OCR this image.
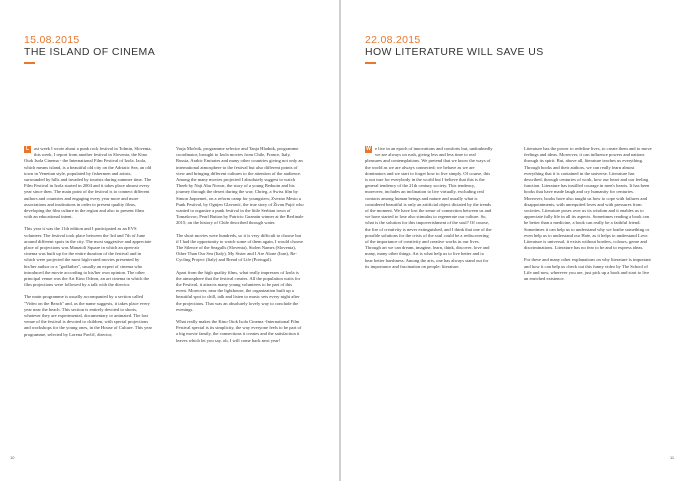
15.08.2015
THE ISLAND OF CINEMA

L	ast week I wrote about a punk rock festival in Tolmin, Slovenia, this week, I report from another festival in Slovenia, the Kino Otok Isola Cinema - the International Film Festival of Izola. Izola, which means island, is a beautiful old city on the Adriatic Sea, an old town in Venetian style, populated by fishermen and artists, surrounded by hills and invaded by tourists during summer time. The Film Festival in Izola started in 2004 and it takes place almost every year since then. The main point of the festival is to connect different authors and countries and engaging every year more and more associations and institutions in order to present quality films, developing the film culture in the region and also to present films with an educational intent.

This year it was the 11th edition and I participated as an EVS volunteer. The festival took place between the 3rd and 7th of June around different spots in the city. The most suggestive and appreciate place of projections was Manzioli Square in which an open-air cinema was built up for the entire duration of the festival and in which were projected the most high-rated movies presented by his/her author or a "godfather", usually an expert of cinema who introduced the movie according to his/her own opinion. The other principal venue was the Art Kino Odeon, an art cinema in which the film projections were followed by a talk with the director.

The main programme is usually accompanied by a section called "Video on the Beach" and, as the name suggests, it takes place every year near the beach. This section is entirely devoted to shorts, whatever they are experimental, documentary or animated. The last venue of the festival is devoted to children, with special projections and workshops for the young ones, in the House of Culture. This year programme, selected by Lorena Pavlič, director,

Varja Močnik, programme selector and Tanja Hladnik, programme coordinator, brought to Izola movies from Chile, France, Italy, Russia, Arabic Emirates and many other countries giving not only an international atmosphere to the festival but also different points of view and bringing different cultures to the attention of the audience. Among the many movies projected I absolutely suggest to watch Theeb by Naji Abu Nowar, the story of a young Beduoin and his journey through the desert during the war; Chrieg, a Swiss film by Simon Jaquemet, on a reform camp for youngsters; Zvezno Mesto a Punk Festival, by Ognjen Glavonić, the true story of Živan Pujić who wanted to organize a punk festival in the little Serbian town of Tomašovac; Pearl Button by Patricio Guzmán winner at the Berlinale 2015; on the history of Chile described through water.

The short movies were hundreds, so it is very difficult to choose but if I had the opportunity to watch some of them again, I would choose The Silence of the Seagulls (Slovenia), Stolen Names (Slovenia), Other Than Our Sea (Italy), My Sister and I Are Alone (Iran), Re-Cycling Project (Italy) and Bread of Life (Portugal).

Apart from the high quality films, what really impresses of Izola is the atmosphere that the festival creates. All the population waits for the Festival, it attracts many young volunteers to be part of this event. Moreover, near the lighthouse, the organization built up a beautiful spot to chill, talk and listen to music sets every night after the projections. That was an absolutely lovely way to conclude the evenings.

What really makes the Kino Otok Isola Cinema -International Film Festival special is its simplicity, the way everyone feels to be part of a big movie family, the connections it creates and the satisfaction it leaves which let you say, oh, I will come back next year!

10
22.08.2015
HOW LITERATURE WILL SAVE US

W e live in an epoch of innovations and comforts but, undoubtedly we are always on rush, giving less and less time to real pleasures and contemplations. We pretend that we know the ways of the world as we are always connected; we behave as we are dominators and we start to forget how to live simply. Of course, this is not true for everybody in the world but I believe that this is the general tendency of the 21th century society. This tendency, moreover, includes an inclination to live virtually, excluding real contacts among human beings and nature and usually what is considered beautiful is only an artificial object dictated by the trends of the moment. We have lost the sense of connection between us and we have started to lose also stimulus to regenerate our culture. So, what is the solution for this impoverishment of the soul? Of course, the fire of creativity is never extinguished, and I think that one of the possible solutions for the crisis of the soul could be a rediscovering of the importance of creativity and creative works in our lives. Through art we can dream, imagine, learn, think, discover, love and many, many other things. Art is what help us to live better and to bear better harshness. Among the arts, one has always stand out for its importance and fascination on people: literature.

Literature has the power to redefine lives, to create them and to move feelings and ideas. Moreover, it can influence powers and nations through its spirit. But, above all, literature teaches us everything. Through books and their authors, we can really learn almost everything that it is contained in the universe. Literature has described, through centuries of work, how our heart and our feeling function. Literature has instilled courage in men's hearts. It has been books that have made laugh and cry humanity for centuries. Moreover, books have also taught us how to cope with failures and disappointments, with unrequited loves and with pressures from societies. Literature poses over us its wisdom and it enables us to appreciate fully life in all its aspects. Sometimes reading a book can be better than a medicine, a book can really be a faithful friend. Sometimes it can help us to understand why we loathe something or even help us to understand our Hate, as it helps to understand Love. Literature is universal, it exists without borders, colours, genre and discriminations. Literature has no fear to be and to express ideas.

For these and many other explanations on why literature is important and how it can help us check out this funny video by The School of Life and now, wherever you are, just pick up a book and start to live an enriched existence.

11
